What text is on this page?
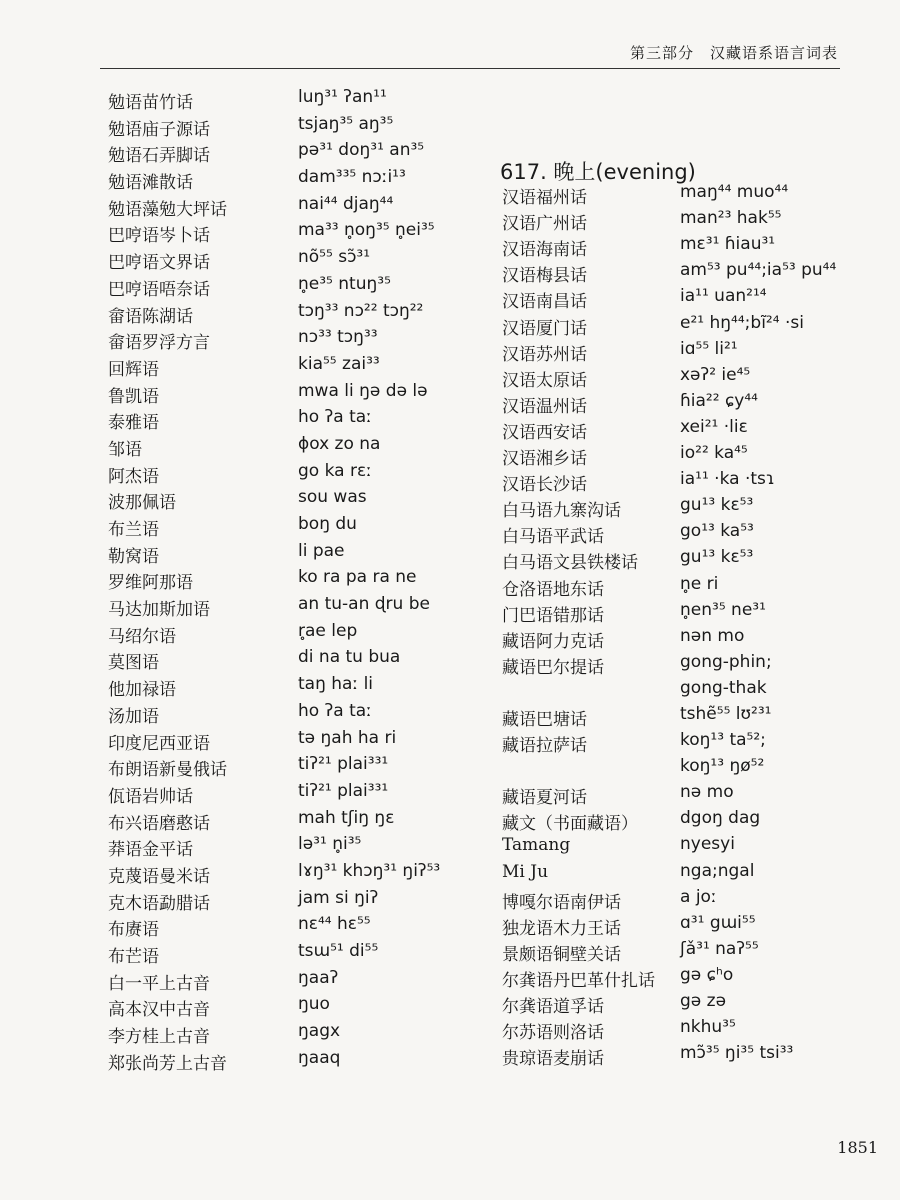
第三部分　汉藏语系语言词表
617. 晚上(evening)
勉语苗竹话	luŋ³¹ ʔan¹¹
勉语庙子源话	tsjaŋ³⁵ aŋ³⁵
勉语石弄脚话	pə³¹ doŋ³¹ an³⁵
勉语滩散话	dam³³⁵ nɔːi¹³
勉语藻勉大坪话	nai⁴⁴ djaŋ⁴⁴
巴哼语岑卜话	ma³³ n̥oŋ³⁵ n̥ei³⁵
巴哼语文界话	nõ⁵⁵ sɔ̃³¹
巴哼语唔奈话	n̥e³⁵ ntuŋ³⁵
畲语陈湖话	tɔŋ³³ nɔ²² tɔŋ²²
畲语罗浮方言	nɔ³³ tɔŋ³³
回辉语	kia⁵⁵ zai³³
鲁凯语	mwa li ŋə də lə
泰雅语	ho ʔa taː
邹语	ɸox zo na
阿杰语	go ka rɛː
波那佩语	sou was
布兰语	boŋ du
勒窝语	li pae
罗维阿那语	ko ra pa ra ne
马达加斯加语	an tu-an ɖru be
马绍尔语	r̥ae lep
莫图语	di na tu bua
他加禄语	taŋ haː li
汤加语	ho ʔa taː
印度尼西亚语	tə ŋah ha ri
布朗语新曼俄话	tiʔ²¹ plai³³¹
佤语岩帅话	tiʔ²¹ plai³³¹
布兴语磨憨话	mah tʃiŋ ŋɛ
莽语金平话	lə³¹ n̥i³⁵
克蔑语曼米话	lɤŋ³¹ khɔŋ³¹ ŋiʔ⁵³
克木语勐腊话	jam si ŋiʔ
布赓语	nɛ⁴⁴ hɛ⁵⁵
布芒语	tsɯ⁵¹ di⁵⁵
白一平上古音	ŋaaʔ
高本汉中古音	ŋuo
李方桂上古音	ŋagx
郑张尚芳上古音	ŋaaq
汉语福州话	maŋ⁴⁴ muo⁴⁴
汉语广州话	man²³ hak⁵⁵
汉语海南话	mɛ³¹ ɦiau³¹
汉语梅县话	am⁵³ pu⁴⁴;ia⁵³ pu⁴⁴
汉语南昌话	ia¹¹ uan²¹⁴
汉语厦门话	e²¹ hŋ⁴⁴;bĩ²⁴ ·si
汉语苏州话	iɑ⁵⁵ li²¹
汉语太原话	xəʔ² ie⁴⁵
汉语温州话	ɦia²² ɕy⁴⁴
汉语西安话	xei²¹ ·liɛ
汉语湘乡话	io²² ka⁴⁵
汉语长沙话	ia¹¹ ·ka ·tsɿ
白马语九寨沟话	gu¹³ kɛ⁵³
白马语平武话	go¹³ ka⁵³
白马语文县铁楼话 gu¹³ kɛ⁵³
仓洛语地东话	n̥e ri
门巴语错那话	n̥en³⁵ ne³¹
藏语阿力克话	nən mo
藏语巴尔提话	gong-phin;
gong-thak
藏语巴塘话	tshẽ⁵⁵ lʊ²³¹
藏语拉萨话	koŋ¹³ ta⁵²;
koŋ¹³ ŋø⁵²
藏语夏河话	nə mo
藏文（书面藏语） dgoŋ dag
Tamang	nyesyi
Mi Ju	nga;ngal
博嘎尔语南伊话	a joː
独龙语木力王话	ɑ³¹ gɯi⁵⁵
景颇语铜壁关话	ʃǎ³¹ naʔ⁵⁵
尔龚语丹巴革什扎话 gə ɕʰo
尔龚语道孚话	gə zə
尔苏语则洛话	nkhu³⁵
贵琼语麦崩话	mɔ̃³⁵ ŋi³⁵ tsi³³
1851
